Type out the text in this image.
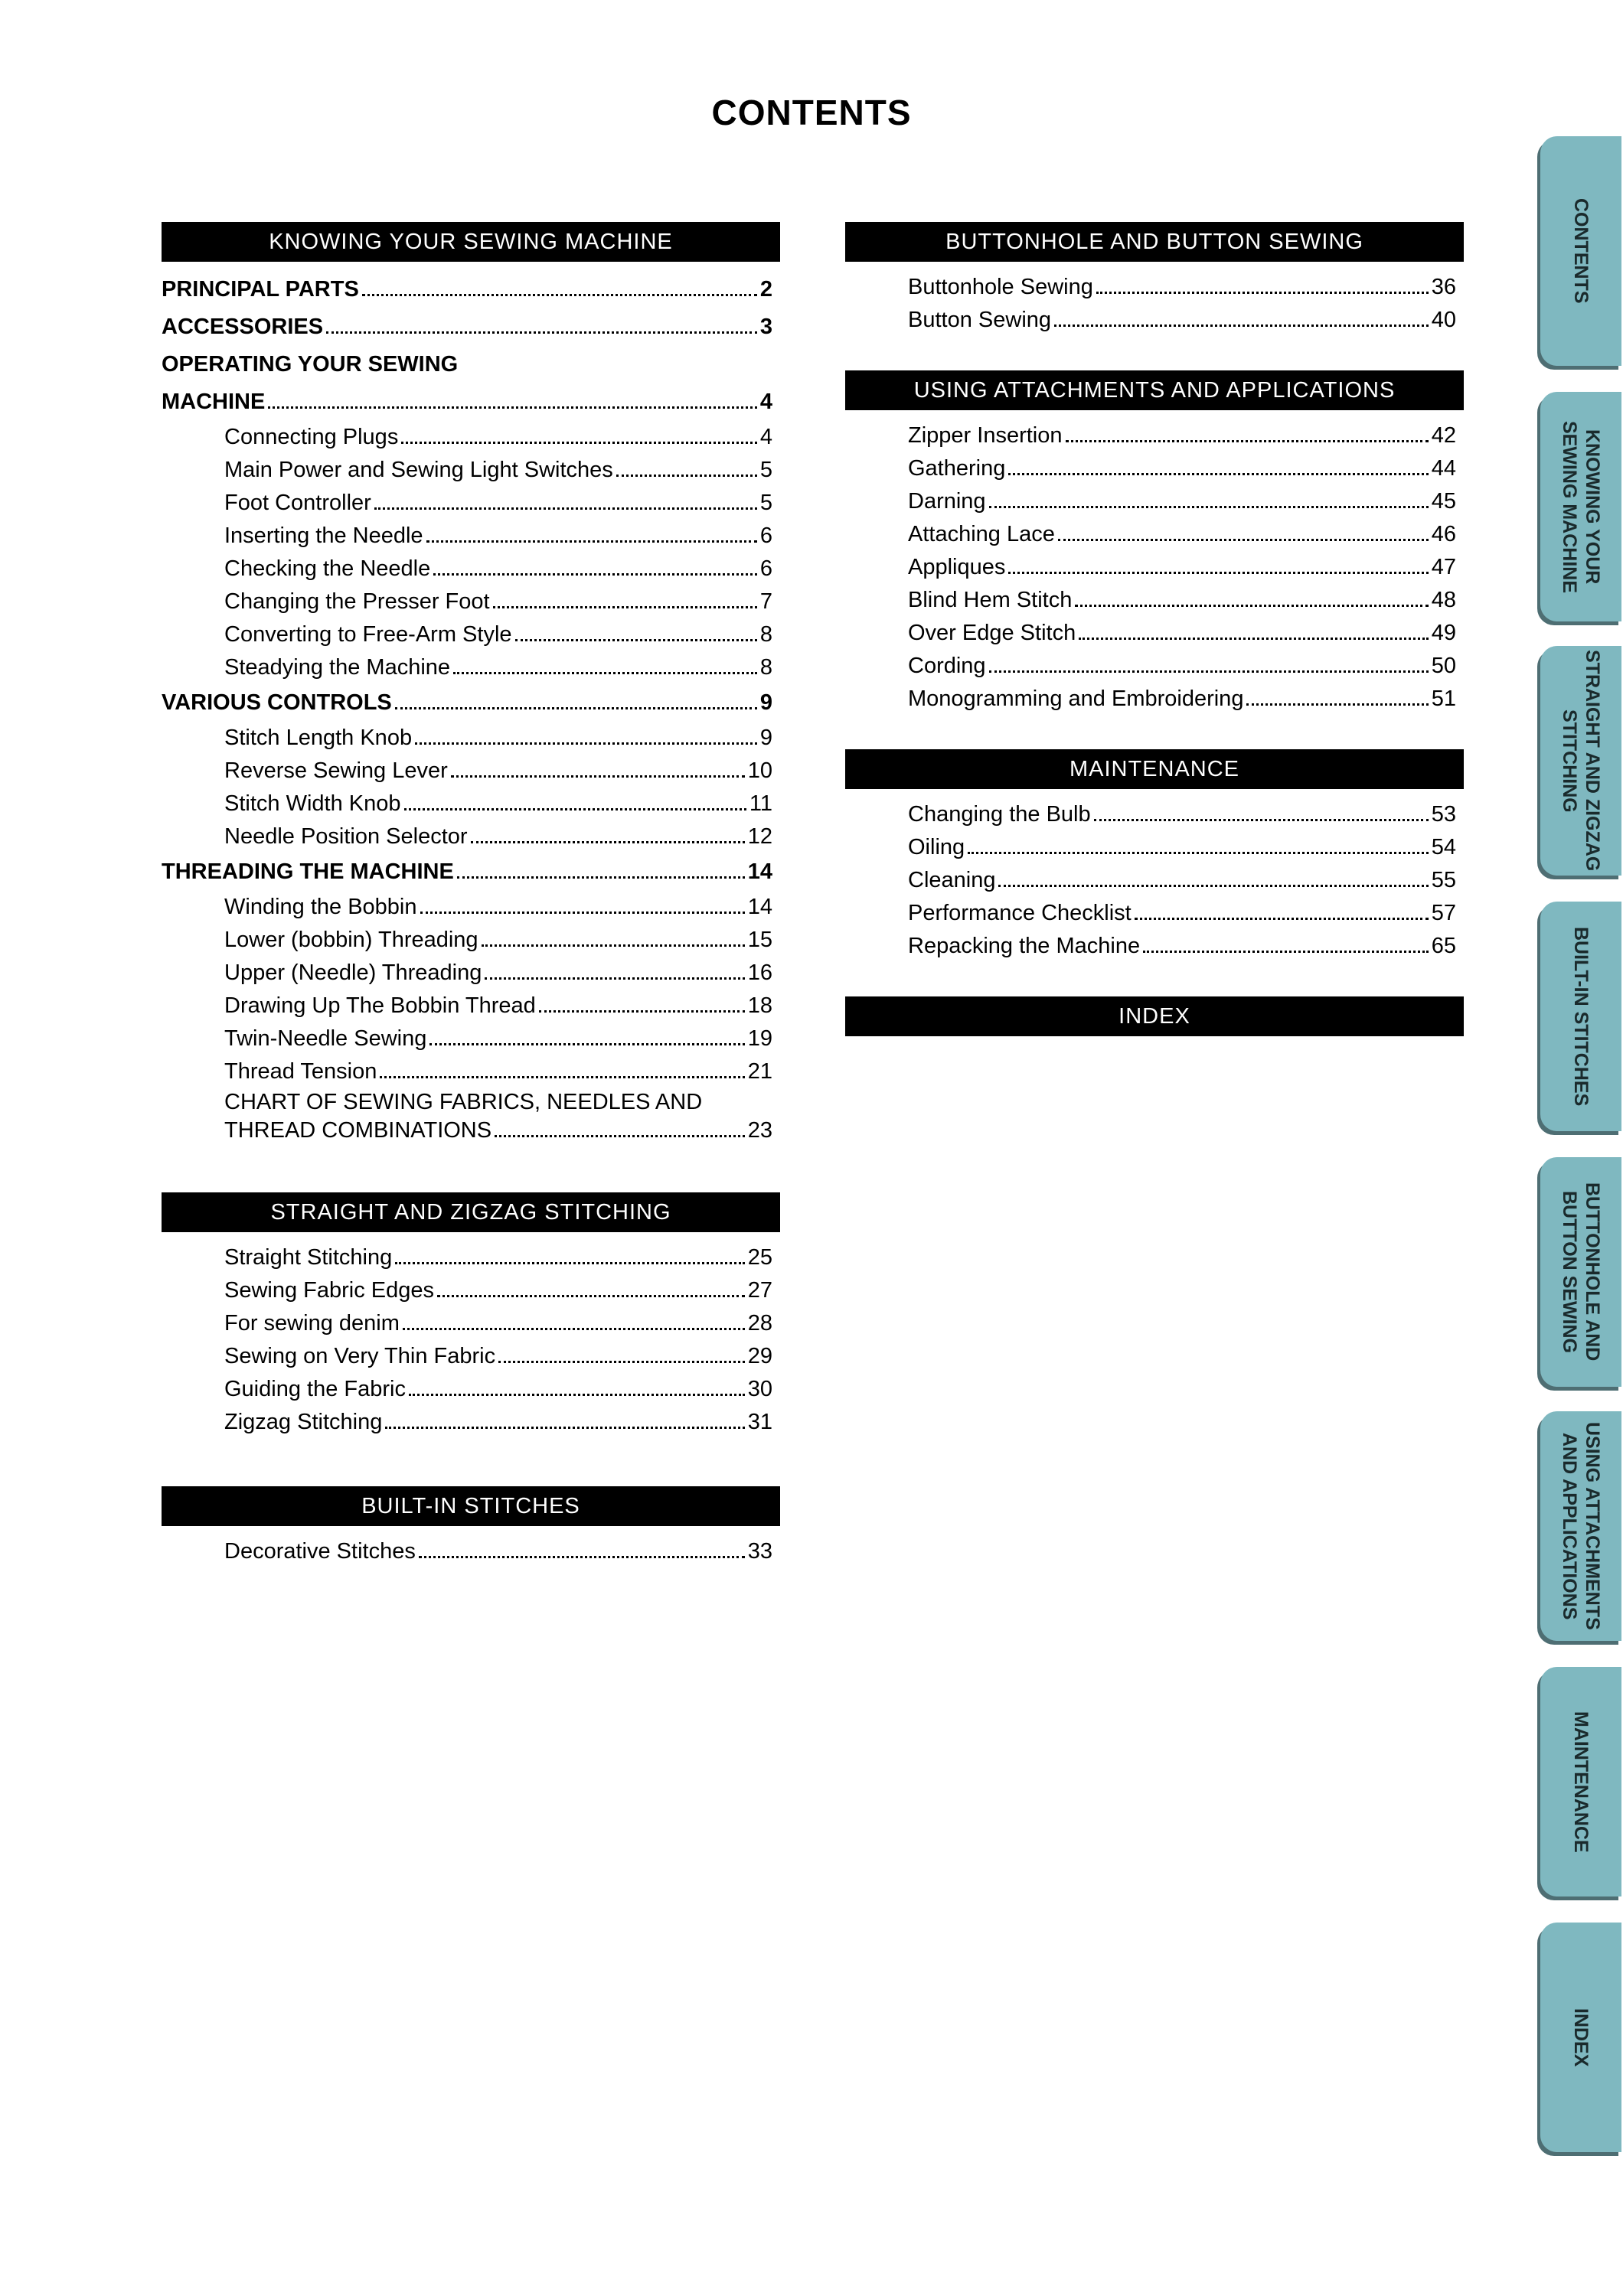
CONTENTS
KNOWING YOUR SEWING MACHINE
PRINCIPAL PARTS	2
ACCESSORIES	3
OPERATING YOUR SEWING
MACHINE	4
Connecting Plugs	4
Main Power and Sewing Light Switches	5
Foot Controller	5
Inserting the Needle	6
Checking the Needle	6
Changing the Presser Foot	7
Converting to Free-Arm Style	8
Steadying the Machine	8
VARIOUS CONTROLS	9
Stitch Length Knob	9
Reverse Sewing Lever	10
Stitch Width Knob	11
Needle Position Selector	12
THREADING THE MACHINE	14
Winding the Bobbin	14
Lower (bobbin) Threading	15
Upper (Needle) Threading	16
Drawing Up The Bobbin Thread	18
Twin-Needle Sewing	19
Thread Tension	21
CHART OF SEWING FABRICS, NEEDLES AND
THREAD COMBINATIONS	23
STRAIGHT AND ZIGZAG STITCHING
Straight Stitching	25
Sewing Fabric Edges	27
For sewing denim	28
Sewing on Very Thin Fabric	29
Guiding the Fabric	30
Zigzag Stitching	31
BUILT-IN STITCHES
Decorative Stitches	33
BUTTONHOLE AND BUTTON SEWING
Buttonhole Sewing	36
Button Sewing	40
USING ATTACHMENTS AND APPLICATIONS
Zipper Insertion	42
Gathering	44
Darning	45
Attaching Lace	46
Appliques	47
Blind Hem Stitch	48
Over Edge Stitch	49
Cording	50
Monogramming and Embroidering	51
MAINTENANCE
Changing the Bulb	53
Oiling	54
Cleaning	55
Performance Checklist	57
Repacking the Machine	65
INDEX
CONTENTS
KNOWING YOUR
SEWING MACHINE
STRAIGHT AND ZIGZAG
STITCHING
BUILT-IN STITCHES
BUTTONHOLE AND
BUTTON SEWING
USING ATTACHMENTS
AND APPLICATIONS
MAINTENANCE
INDEX
